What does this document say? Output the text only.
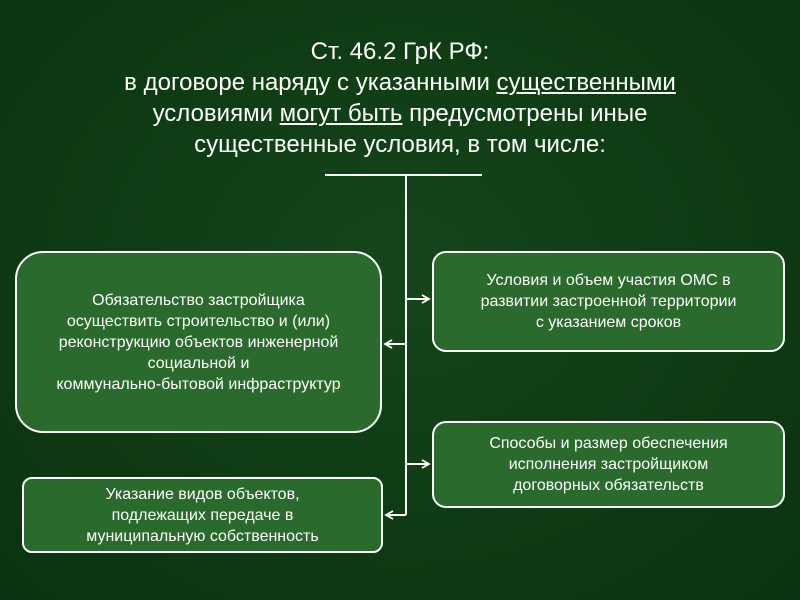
Ст. 46.2 ГрК РФ:
в договоре наряду с указанными существенными
условиями могут быть предусмотрены иные
существенные условия, в том числе:
Обязательство застройщика
осуществить строительство и (или)
реконструкцию объектов инженерной
социальной и
коммунально-бытовой инфраструктур
Условия и объем участия ОМС в
развитии застроенной территории
с указанием сроков
Способы и размер обеспечения
исполнения застройщиком
договорных обязательств
Указание видов объектов,
подлежащих передаче в
муниципальную собственность
